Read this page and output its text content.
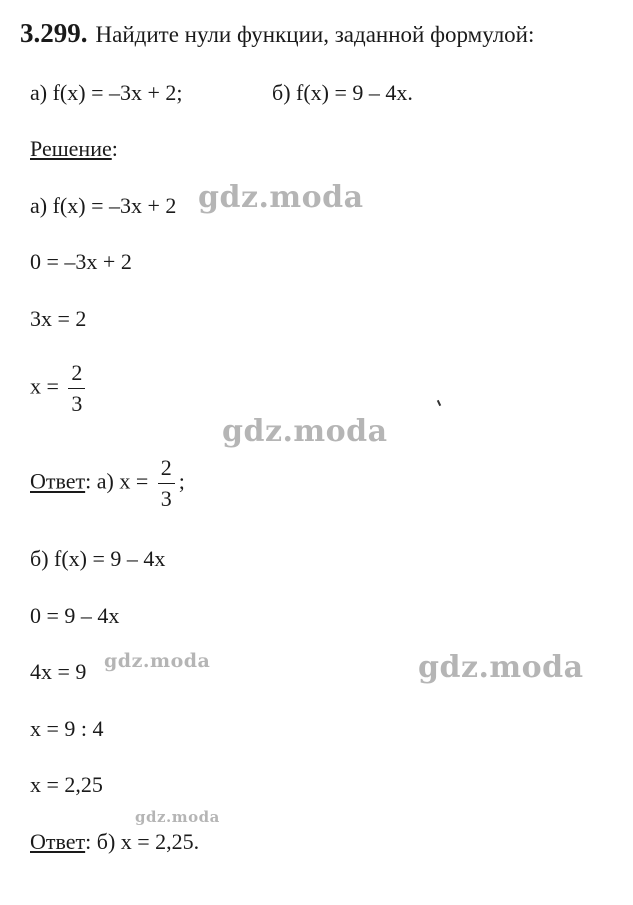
3.299. Найдите нули функции, заданной формулой:
а) f(x) = –3x + 2;	б) f(x) = 9 – 4x.
Решение:
а) f(x) = –3x + 2
0 = –3x + 2
3x = 2
$x = \frac{2}{3}$
Ответ: а) $x = \frac{2}{3}$ ;
б) f(x) = 9 – 4x
0 = 9 – 4x
4x = 9
x = 9 : 4
x = 2,25
Ответ: б) x = 2,25.
gdz.moda
gdz.moda
gdz.moda	gdz.moda
gdz.moda
